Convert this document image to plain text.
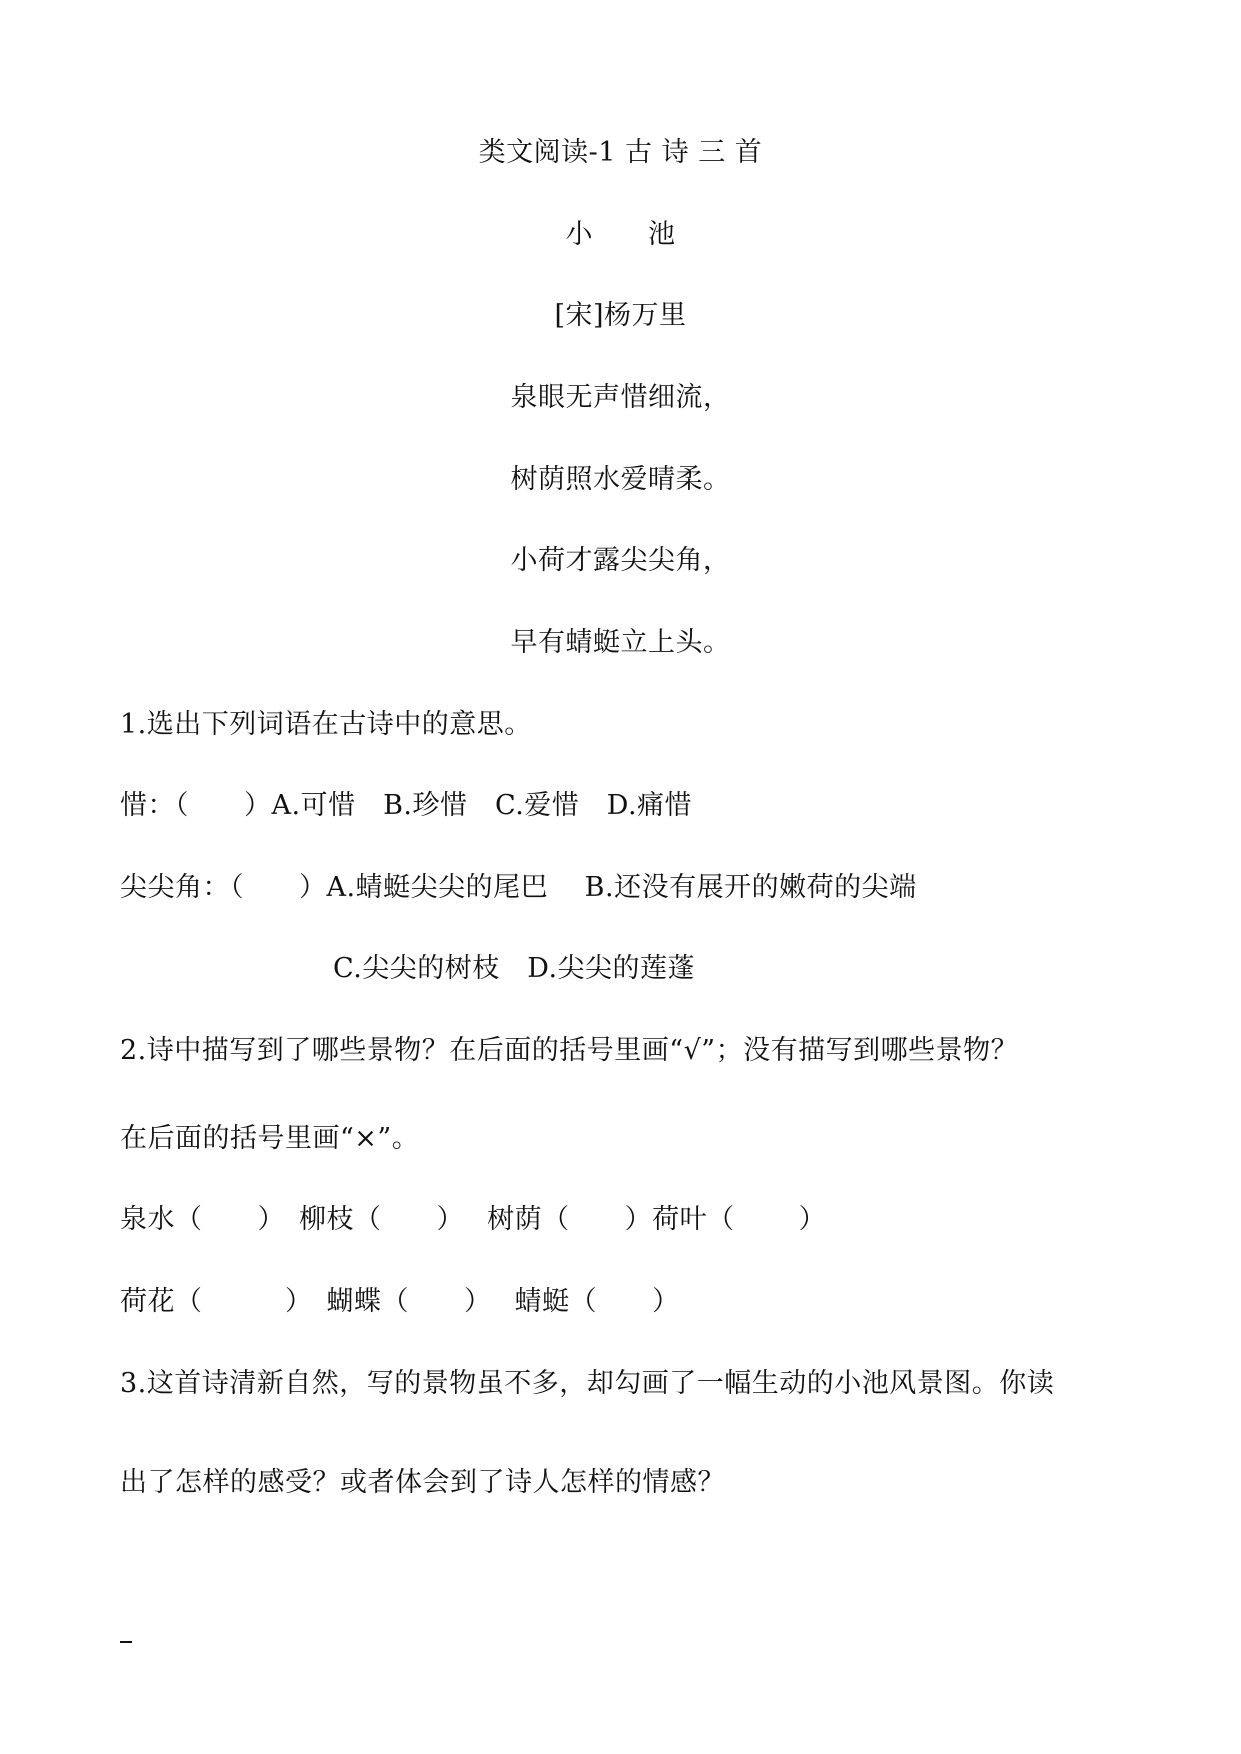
类文阅读-1 古 诗 三 首
小　　池
[宋]杨万里
泉眼无声惜细流，
树荫照水爱晴柔。
小荷才露尖尖角，
早有蜻蜓立上头。
1.选出下列词语在古诗中的意思。
惜：（　　）A.可惜　B.珍惜　C.爱惜　D.痛惜
尖尖角：（　　）A.蜻蜓尖尖的尾巴　 B.还没有展开的嫩荷的尖端
C.尖尖的树枝　D.尖尖的莲蓬
2.诗中描写到了哪些景物？在后面的括号里画“√”；没有描写到哪些景物？
在后面的括号里画“×”。
泉水（　　）　柳枝（　　）　 树荫（　　）荷叶（　　 ）
荷花（　　　）　蝴蝶（　　）　 蜻蜓（　　）
3.这首诗清新自然，写的景物虽不多，却勾画了一幅生动的小池风景图。你读
出了怎样的感受？或者体会到了诗人怎样的情感？
